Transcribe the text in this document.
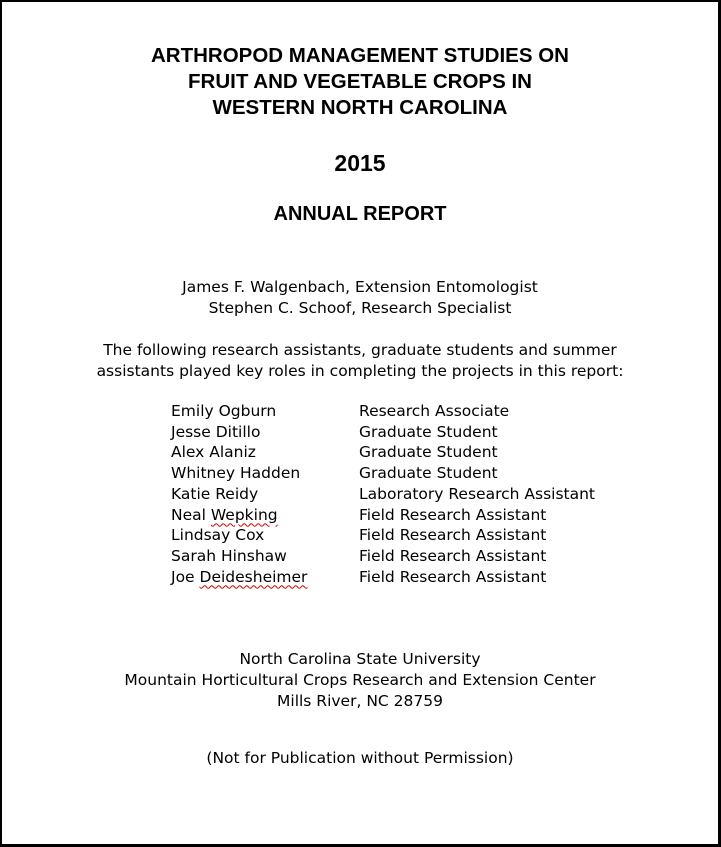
ARTHROPOD MANAGEMENT STUDIES ON
FRUIT AND VEGETABLE CROPS IN
WESTERN NORTH CAROLINA
2015
ANNUAL REPORT
James F. Walgenbach, Extension Entomologist
Stephen C. Schoof, Research Specialist
The following research assistants, graduate students and summer
assistants played key roles in completing the projects in this report:
Emily Ogburn	Research Associate
Jesse Ditillo	Graduate Student
Alex Alaniz	Graduate Student
Whitney Hadden	Graduate Student
Katie Reidy	Laboratory Research Assistant
Neal Wepking	Field Research Assistant
Lindsay Cox	Field Research Assistant
Sarah Hinshaw	Field Research Assistant
Joe Deidesheimer	Field Research Assistant
North Carolina State University
Mountain Horticultural Crops Research and Extension Center
Mills River, NC 28759
(Not for Publication without Permission)
